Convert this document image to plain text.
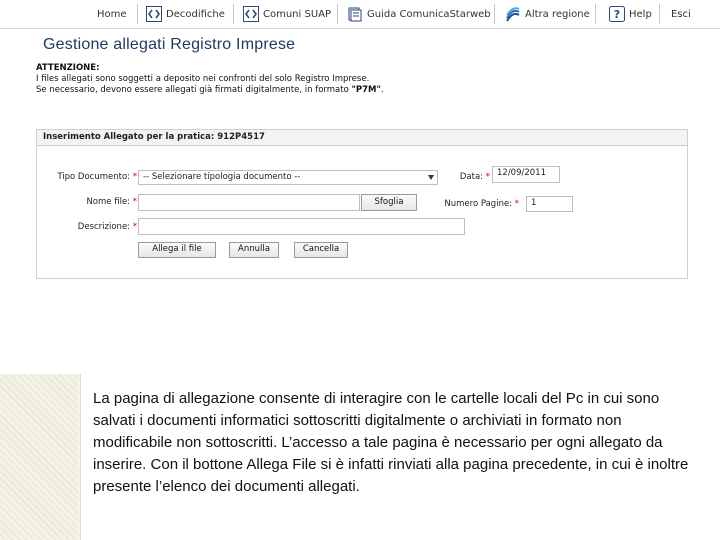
Home	Decodifiche	Comuni SUAP	Guida ComunicaStarweb	Altra regione ? Help Esci
Gestione allegati Registro Imprese
ATTENZIONE:
I files allegati sono soggetti a deposito nei confronti del solo Registro Imprese.
Se necessario, devono essere allegati già firmati digitalmente, in formato "P7M".
Inserimento Allegato per la pratica: 912P4517
Tipo Documento: * -- Selezionare tipologia documento --	Data: * 12/09/2011
Nome file: *	Sfoglia	Numero Pagine: *	1
Descrizione: *
Allega il file	Annulla	Cancella
La pagina di allegazione consente di interagire con le cartelle locali del Pc in cui sono salvati i documenti informatici sottoscritti digitalmente o archiviati in formato non modificabile non sottoscritti. L’accesso a tale pagina è necessario per ogni allegato da inserire. Con il bottone Allega File si è infatti rinviati alla pagina precedente, in cui è inoltre presente l’elenco dei documenti allegati.
